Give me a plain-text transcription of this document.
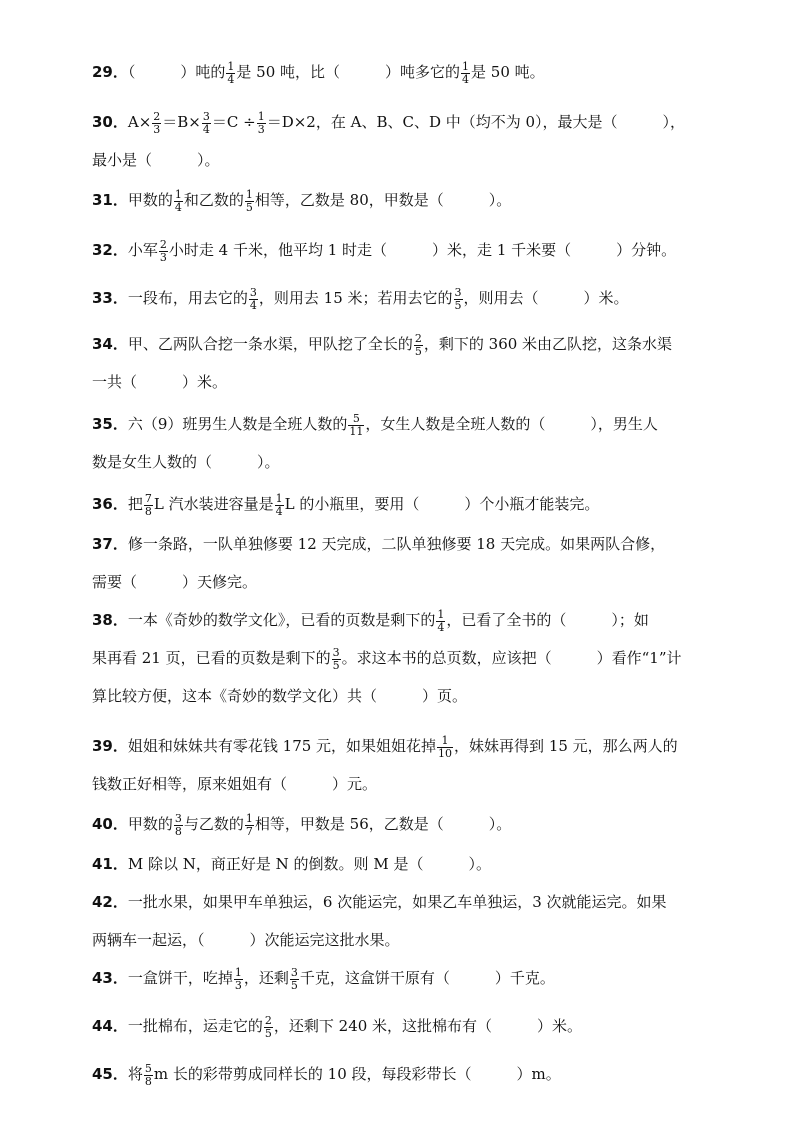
29．（　　　）吨的 $\frac{1}{4}$ 是 50 吨，比（　　　）吨多它的 $\frac{1}{4}$ 是 50 吨。
30．$A\times \frac{2}{3} =B\times \frac{3}{4} =C \div \frac{1}{3} =D\times 2$，在 A、B、C、D 中（均不为 0），最大是（　　　），
最小是（　　　）。
31．甲数的 $\frac{1}{4}$ 和乙数的 $\frac{1}{5}$ 相等，乙数是 80，甲数是（　　　）。
32．小军 $\frac{2}{3}$ 小时走 4 千米，他平均 1 时走（　　　）米，走 1 千米要（　　　）分钟。
33．一段布，用去它的 $\frac{3}{4}$ ，则用去 15 米；若用去它的 $\frac{3}{5}$ ，则用去（　　　）米。
34．甲、乙两队合挖一条水渠，甲队挖了全长的 $\frac{2}{5}$ ，剩下的 360 米由乙队挖，这条水渠
一共（　　　）米。
35．六（9）班男生人数是全班人数的 $\frac{5}{11}$ ，女生人数是全班人数的（　　　），男生人
数是女生人数的（　　　）。
36．把 $\frac{7}{8}$ L 汽水装进容量是 $\frac{1}{4}$ L 的小瓶里，要用（　　　）个小瓶才能装完。
37．修一条路，一队单独修要 12 天完成，二队单独修要 18 天完成。如果两队合修，
需要（　　　）天修完。
38．一本《奇妙的数学文化》，已看的页数是剩下的 $\frac{1}{4}$ ，已看了全书的（　　　）；如
果再看 21 页，已看的页数是剩下的 $\frac{3}{5}$ 。求这本书的总页数，应该把（　　　）看作“1”计
算比较方便，这本《奇妙的数学文化）共（　　　）页。
39．姐姐和妹妹共有零花钱 175 元，如果姐姐花掉 $\frac{1}{10}$ ，妹妹再得到 15 元，那么两人的
钱数正好相等，原来姐姐有（　　　）元。
40．甲数的 $\frac{3}{8}$ 与乙数的 $\frac{1}{7}$ 相等，甲数是 56，乙数是（　　　）。
41．M 除以 N，商正好是 N 的倒数。则 M 是（　　　）。
42．一批水果，如果甲车单独运，6 次能运完，如果乙车单独运，3 次就能运完。如果
两辆车一起运，（　　　）次能运完这批水果。
43．一盒饼干，吃掉 $\frac{1}{3}$ ，还剩 $\frac{3}{5}$ 千克，这盒饼干原有（　　　）千克。
44．一批棉布，运走它的 $\frac{2}{5}$ ，还剩下 240 米，这批棉布有（　　　）米。
45．将 $\frac{5}{8}$ m 长的彩带剪成同样长的 10 段，每段彩带长（　　　）m。
